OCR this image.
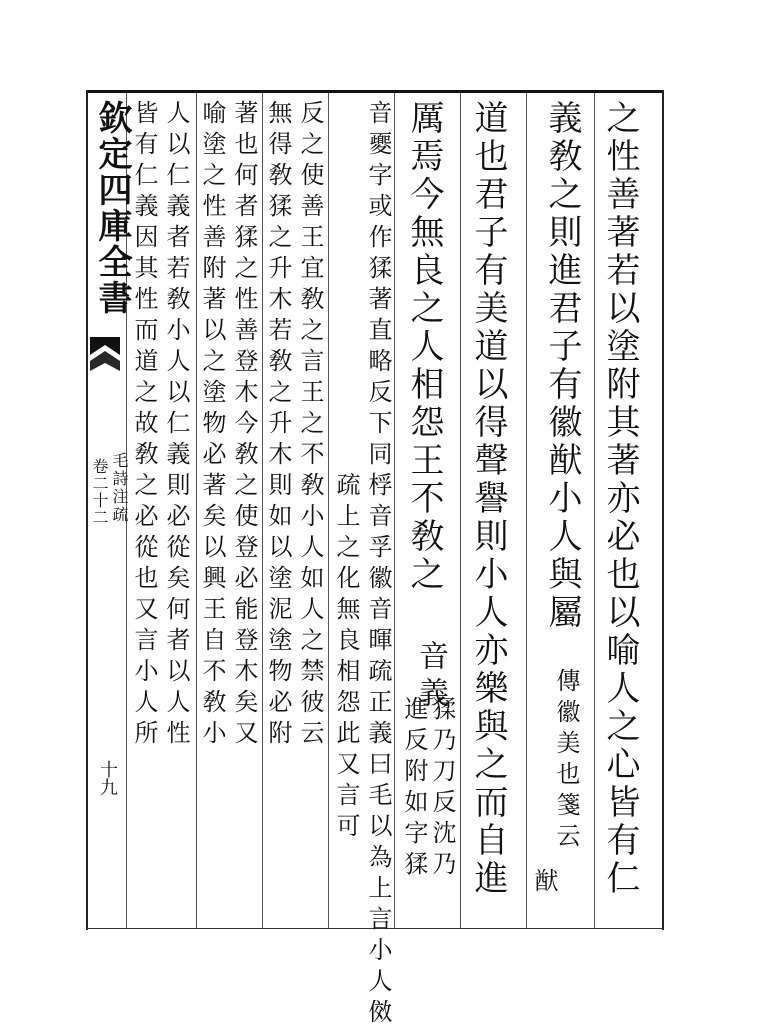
欽定四庫全書
毛詩注疏
卷二十二
十九	之性善著若以塗附其著亦必也以喻人之心皆有仁
義敎之則進君子有徽猷小人與屬
傳徽美也箋云
猷
道也君子有美道以得聲譽則小人亦樂與之而自進
厲焉今無良之人相怨王不敎之
猱乃刀反沈乃
進反附如字猱
音義
音夒字或作猱著直略反下同桴音孚徽音暉疏正義曰毛以為上言小人傚
疏上之化無良相怨此又言可
反之使善王宜敎之言王之不敎小人如人之禁彼云
無得敎猱之升木若敎之升木則如以塗泥塗物必附
著也何者猱之性善登木今敎之使登必能登木矣又
喻塗之性善附著以之塗物必著矣以興王自不敎小
人以仁義者若敎小人以仁義則必從矣何者以人性
皆有仁義因其性而道之故敎之必從也又言小人所
